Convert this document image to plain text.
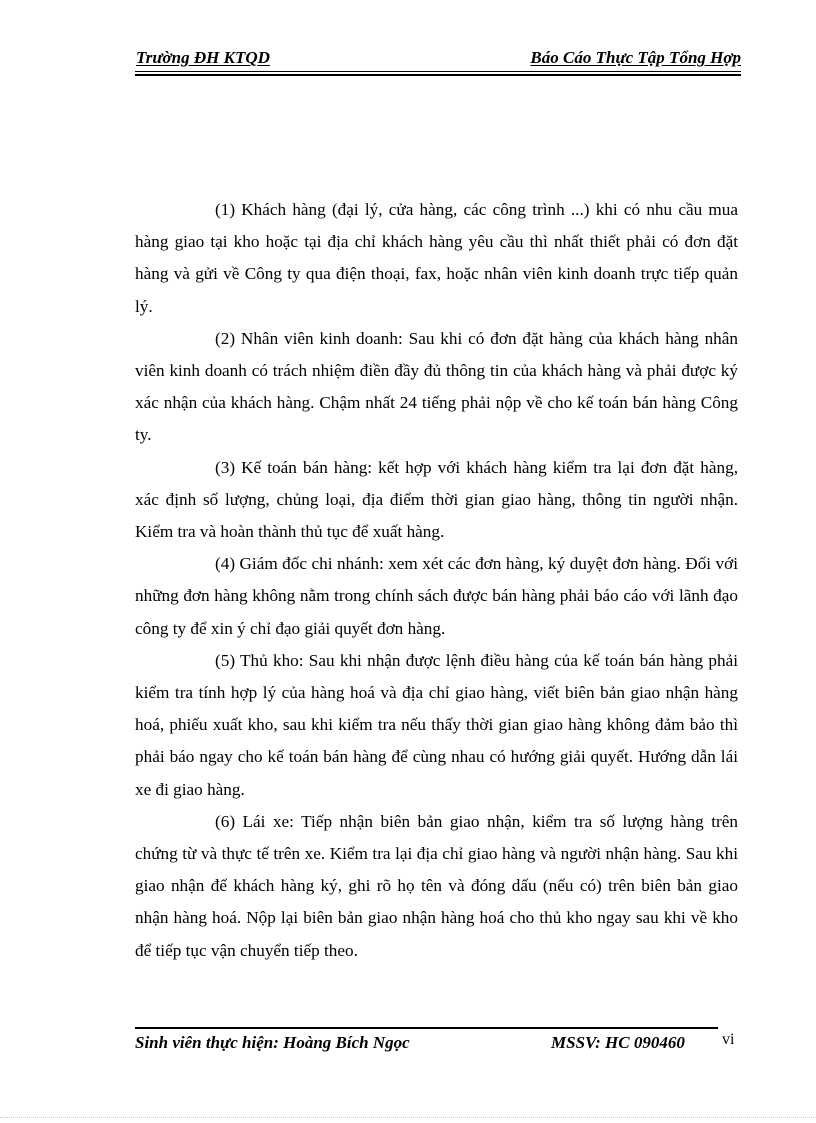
Trường ĐH KTQD	Báo Cáo Thực Tập Tổng Hợp

(1) Khách hàng (đại lý, cửa hàng, các công trình ...) khi có nhu cầu mua hàng giao tại kho hoặc tại địa chỉ khách hàng yêu cầu thì nhất thiết phải có đơn đặt hàng và gửi về Công ty qua điện thoại, fax, hoặc nhân viên kinh doanh trực tiếp quản lý.

(2) Nhân viên kinh doanh: Sau khi có đơn đặt hàng của khách hàng nhân viên kinh doanh có trách nhiệm điền đầy đủ thông tin của khách hàng và phải được ký xác nhận của khách hàng. Chậm nhất 24 tiếng phải nộp về cho kế toán bán hàng Công ty.

(3) Kế toán bán hàng: kết hợp với khách hàng kiểm tra lại đơn đặt hàng, xác định số lượng, chủng loại, địa điểm thời gian giao hàng, thông tin người nhận. Kiểm tra và hoàn thành thủ tục để xuất hàng.

(4) Giám đốc chi nhánh: xem xét các đơn hàng, ký duyệt đơn hàng. Đối với những đơn hàng không nằm trong chính sách được bán hàng phải báo cáo với lãnh đạo công ty để xin ý chỉ đạo giải quyết đơn hàng.

(5) Thủ kho: Sau khi nhận được lệnh điều hàng của kế toán bán hàng phải kiểm tra tính hợp lý của hàng hoá và địa chỉ giao hàng, viết biên bản giao nhận hàng hoá, phiếu xuất kho, sau khi kiểm tra nếu thấy thời gian giao hàng không đảm bảo thì phải báo ngay cho kế toán bán hàng để cùng nhau có hướng giải quyết. Hướng dẫn lái xe đi giao hàng.

(6) Lái xe: Tiếp nhận biên bản giao nhận, kiểm tra số lượng hàng trên chứng từ và thực tế trên xe. Kiểm tra lại địa chỉ giao hàng và người nhận hàng. Sau khi giao nhận để khách hàng ký, ghi rõ họ tên và đóng dấu (nếu có) trên biên bản giao nhận hàng hoá. Nộp lại biên bản giao nhận hàng hoá cho thủ kho ngay sau khi về kho để tiếp tục vận chuyển tiếp theo.

Sinh viên thực hiện: Hoàng Bích Ngọc	MSSV: HC 090460 vi
